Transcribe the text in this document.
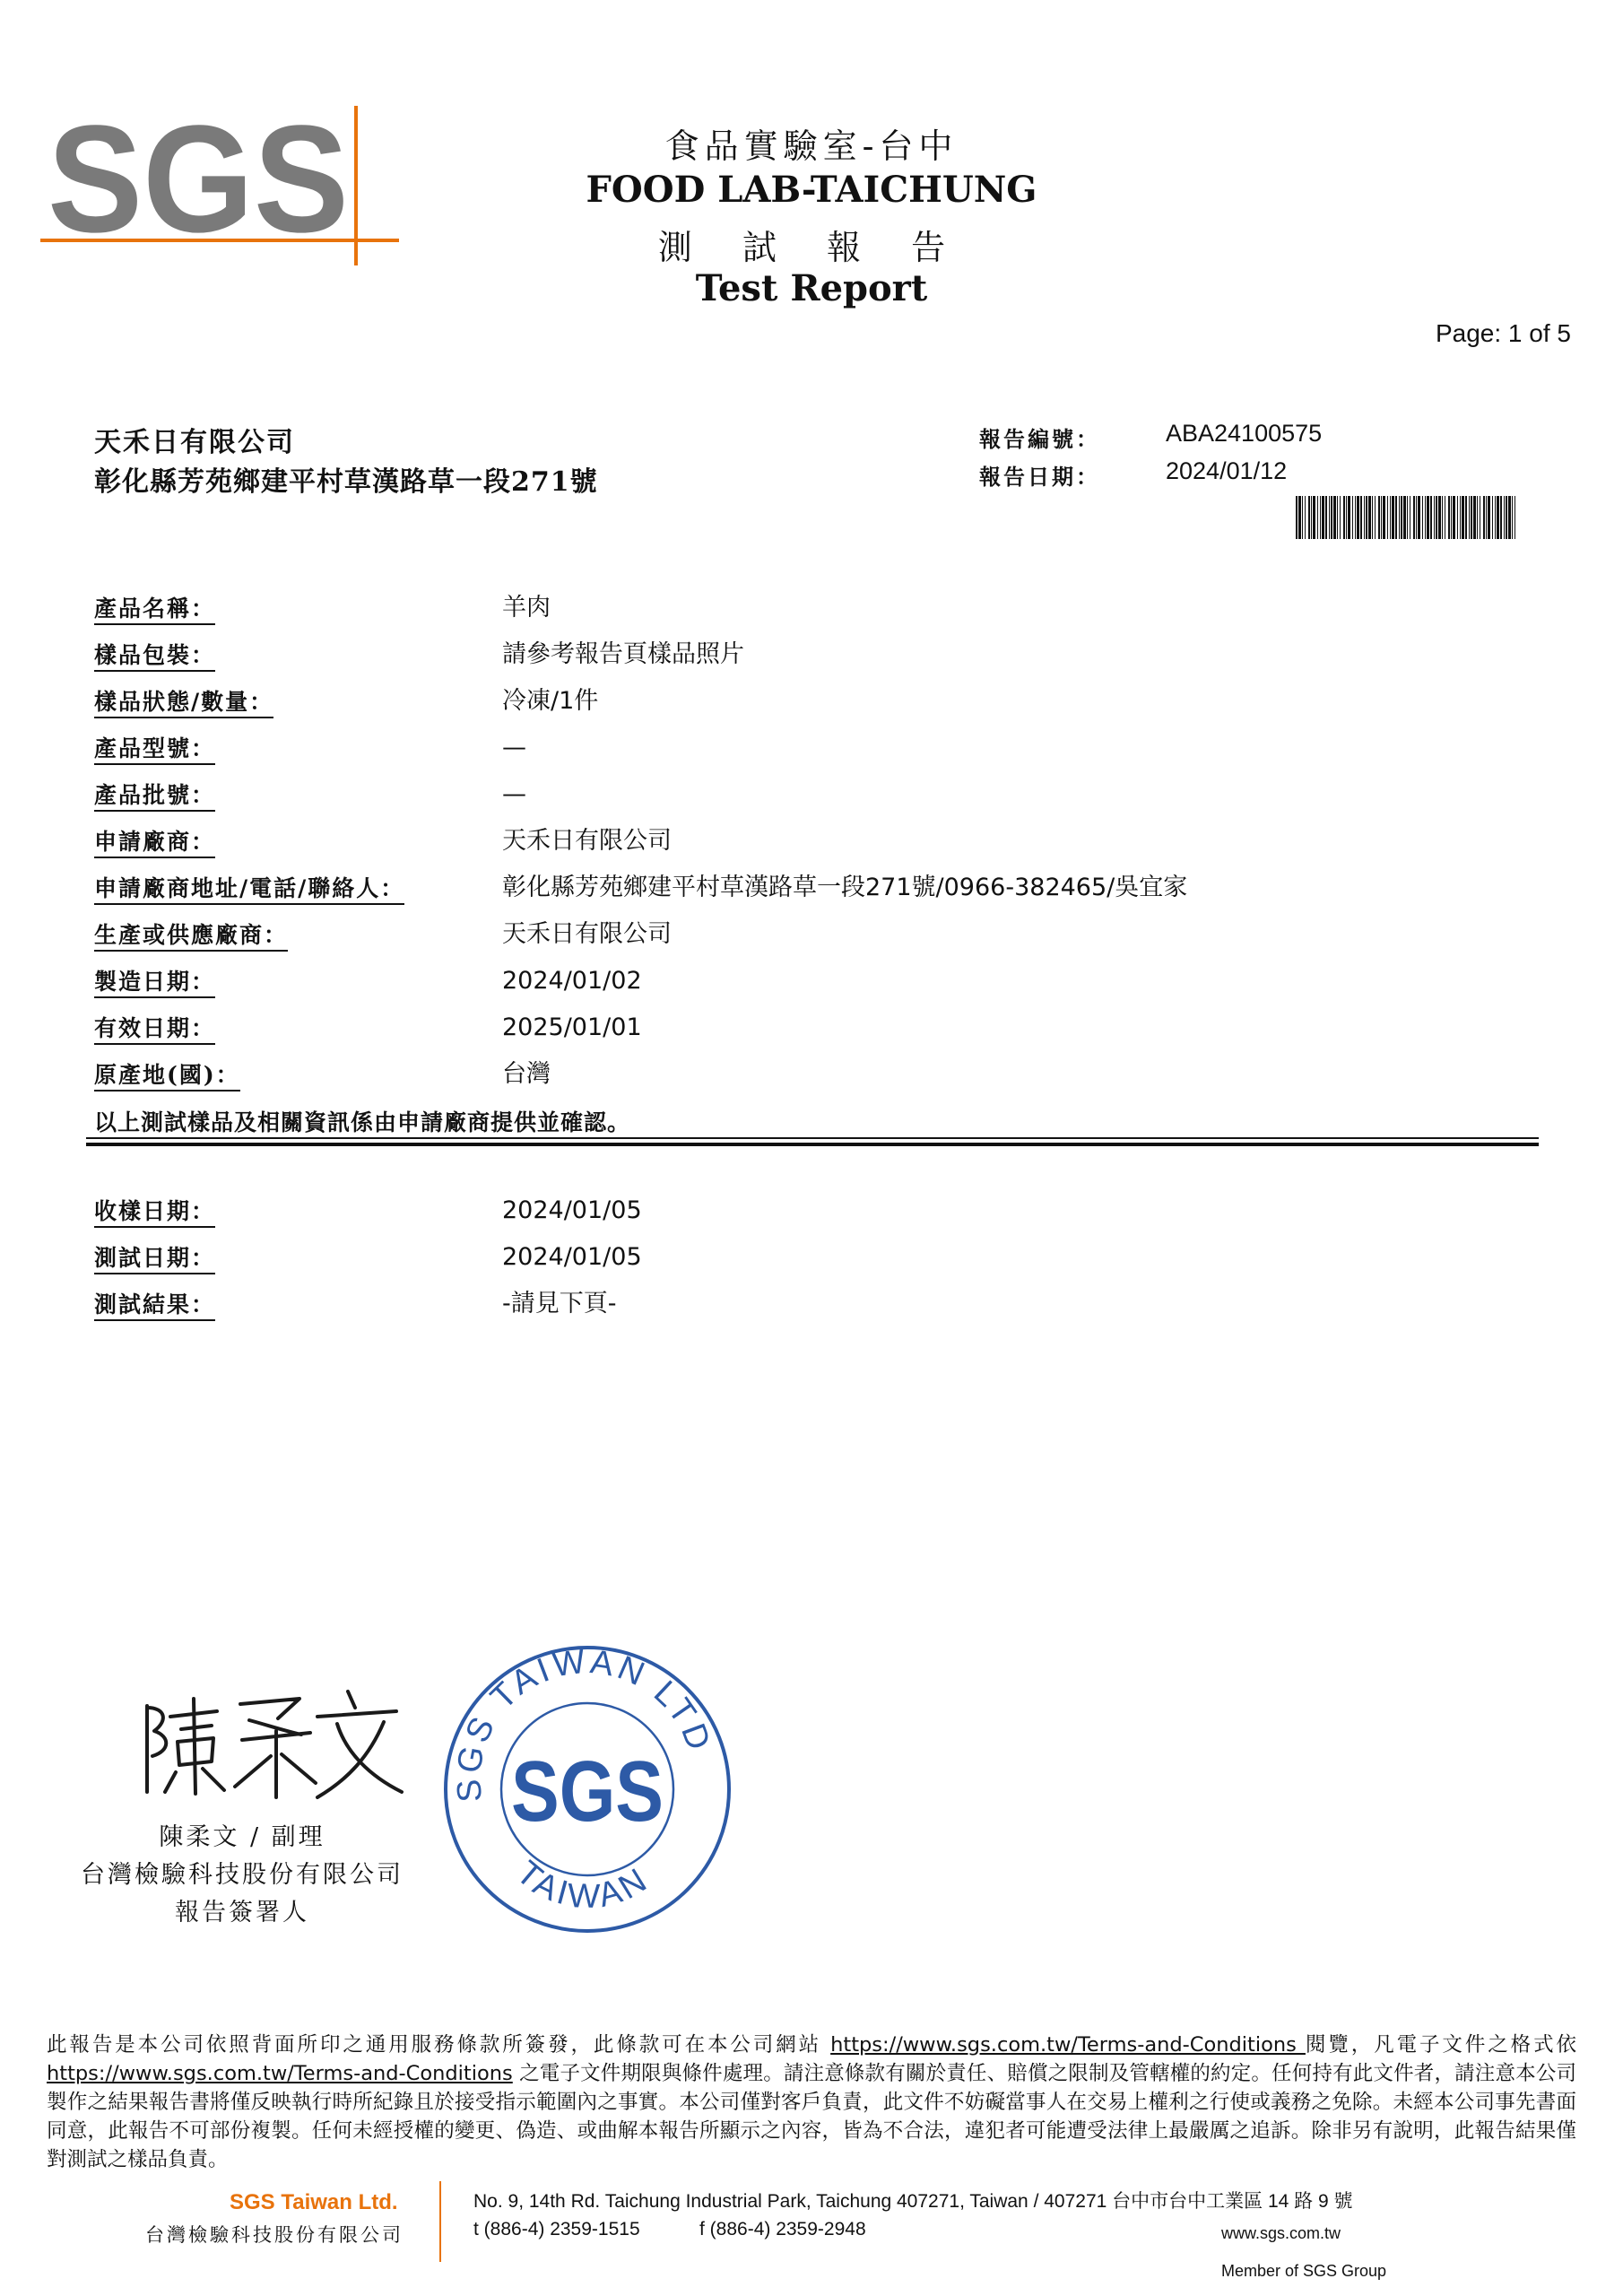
SGS	食品實驗室-台中
FOOD LAB-TAICHUNG
測 試 報 告
Test Report
Page: 1 of 5
天禾日有限公司
彰化縣芳苑鄉建平村草漢路草一段271號
報告編號：	ABA24100575
報告日期：	2024/01/12
產品名稱：	羊肉
樣品包裝：	請參考報告頁樣品照片
樣品狀態/數量：	冷凍/1件
產品型號：	—
產品批號：	—
申請廠商：	天禾日有限公司
申請廠商地址/電話/聯絡人：	彰化縣芳苑鄉建平村草漢路草一段271號/0966-382465/吳宜家
生產或供應廠商：	天禾日有限公司
製造日期：	2024/01/02
有效日期：	2025/01/01
原產地(國)：	台灣
以上測試樣品及相關資訊係由申請廠商提供並確認。
收樣日期：	2024/01/05
測試日期：	2024/01/05
測試結果：	-請見下頁-
陳柔文 / 副理
台灣檢驗科技股份有限公司
報告簽署人
SGS TAIWAN LTD
TAIWAN
SGS
此報告是本公司依照背面所印之通用服務條款所簽發，此條款可在本公司網站 https://www.sgs.com.tw/Terms-and-Conditions 閱覽，凡電子文件之格式依https://www.sgs.com.tw/Terms-and-Conditions 之電子文件期限與條件處理。請注意條款有關於責任、賠償之限制及管轄權的約定。任何持有此文件者，請注意本公司製作之結果報告書將僅反映執行時所紀錄且於接受指示範圍內之事實。本公司僅對客戶負責，此文件不妨礙當事人在交易上權利之行使或義務之免除。未經本公司事先書面同意，此報告不可部份複製。任何未經授權的變更、偽造、或曲解本報告所顯示之內容，皆為不合法，違犯者可能遭受法律上最嚴厲之追訴。除非另有說明，此報告結果僅對測試之樣品負責。
SGS Taiwan Ltd.
台灣檢驗科技股份有限公司
No. 9, 14th Rd. Taichung Industrial Park, Taichung 407271, Taiwan / 407271 台中市台中工業區 14 路 9 號
t (886-4) 2359-1515	f (886-4) 2359-2948	www.sgs.com.tw
Member of SGS Group
